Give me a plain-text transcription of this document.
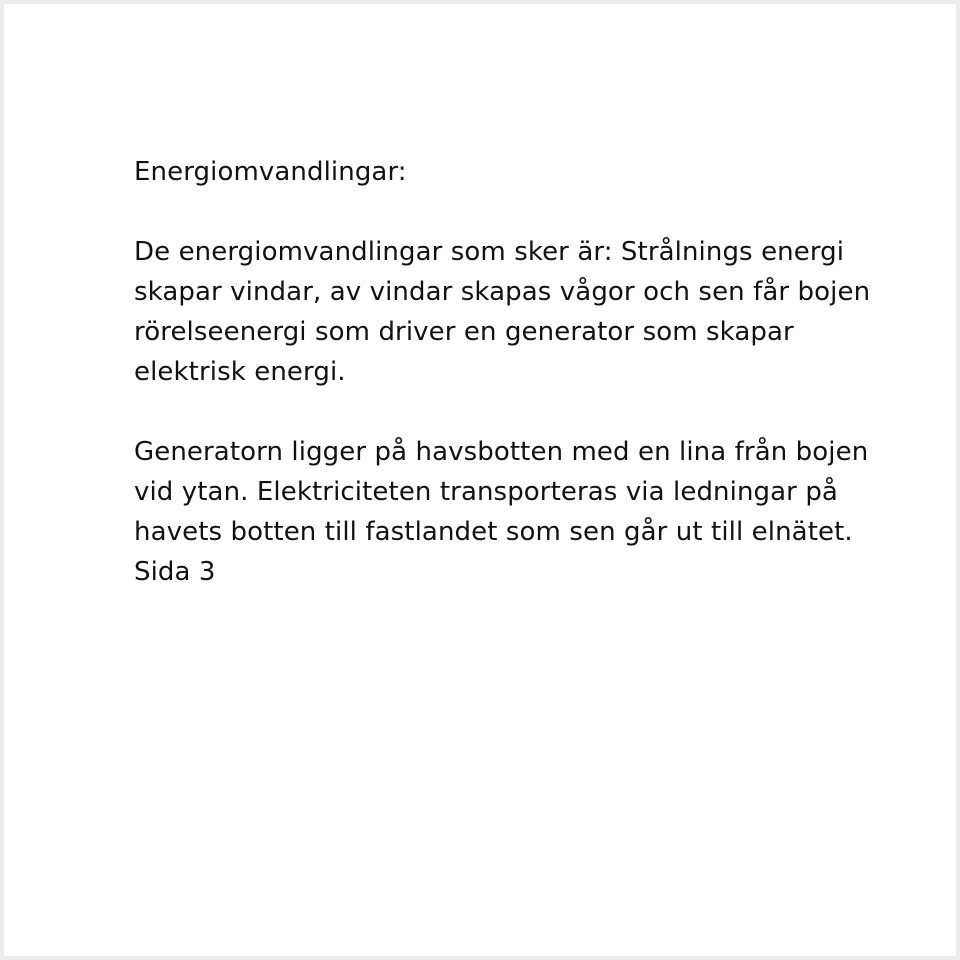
Energiomvandlingar:

De energiomvandlingar som sker är: Strålnings energi skapar vindar, av vindar skapas vågor och sen får bojen rörelseenergi som driver en generator som skapar elektrisk energi.

Generatorn ligger på havsbotten med en lina från bojen vid ytan. Elektriciteten transporteras via ledningar på havets botten till fastlandet som sen går ut till elnätet.

Sida 3
